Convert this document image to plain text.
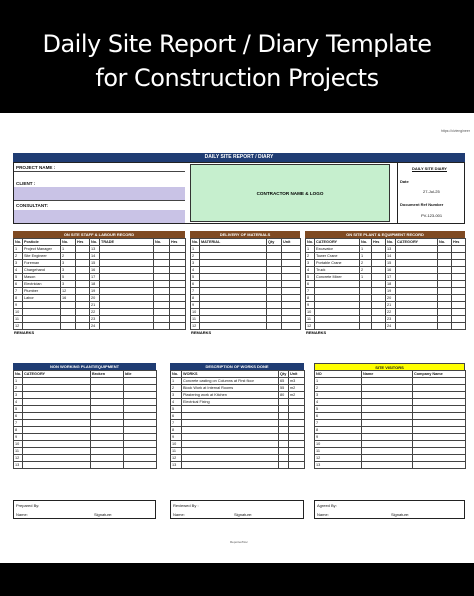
Daily Site Report / Diary Template
for Construction Projects
https://civiengineer
DAILY SITE REPORT / DIARY
PROJECT NAME :
CLIENT :
CONSULTANT:
CONTRACTOR NAME & LOGO
DAILY SITE DIARY
Date
27-Jul-25
Document Ref Number
PV-123-001
ON SITE STAFF & LABOUR RECORD
No.	Postiole	No.	Hrs	No.	TRADE	No.	Hrs
1	Project Manager	1		13			
2	Site Engineer	2		14			
3	Foreman	3		15			
4	Chargehand	3		16			
5	Mason	5		17			
6	Electrician	3		18			
7	Plumber	12		19			
8	Labor	16		20			
9				21			
10				22			
11				23			
12				24			
REMARKS
DELIVERY OF MATERIALS
No.	MATERIAL	Qty	Unit
1			
2			
3			
4			
5			
6			
7			
8			
9			
10			
11			
12			
REMARKS
ON SITE PLANT & EQUIPMENT RECORD
No.	CATEGORY	No.	Hrs	No.	CATEGORY	No.	Hrs
1	Excavator	1		13			
2	Tower Crane	1		14			
3	Portable Crane	2		15			
4	Truck	2		16			
5	Concrete Mixer	1		17			
6				18			
7				19			
8				20			
9				21			
10				22			
11				23			
12				24			
REMARKS
NON WORKING PLANT/EQUIPMENT
No.	CATEGORY	Broken	Idle
1			
2			
3			
4			
5			
6			
7			
8			
9			
10			
11			
12			
13			
DESCRIPTION OF WORKS DONE
No.	WORKS	Qty	Unit
1	Concrete casting on Columns at First floor	65	m3
2	Block Work at Internal Rooms	55	m2
3	Plastering work at Kitchen	80	m2
4	Electrical Fixing		
5			
6			
7			
8			
9			
10			
11			
12			
13			
SITE VISITORS
NO	Name	Company Name
1		
2		
3		
4		
5		
6		
7		
8		
9		
10		
11		
12		
13		
Prepared By:
Name:	Signature:
Reviewed By :
Name:	Signature:
Agreed By:
Name:	Signature:
Reporter/Doc
